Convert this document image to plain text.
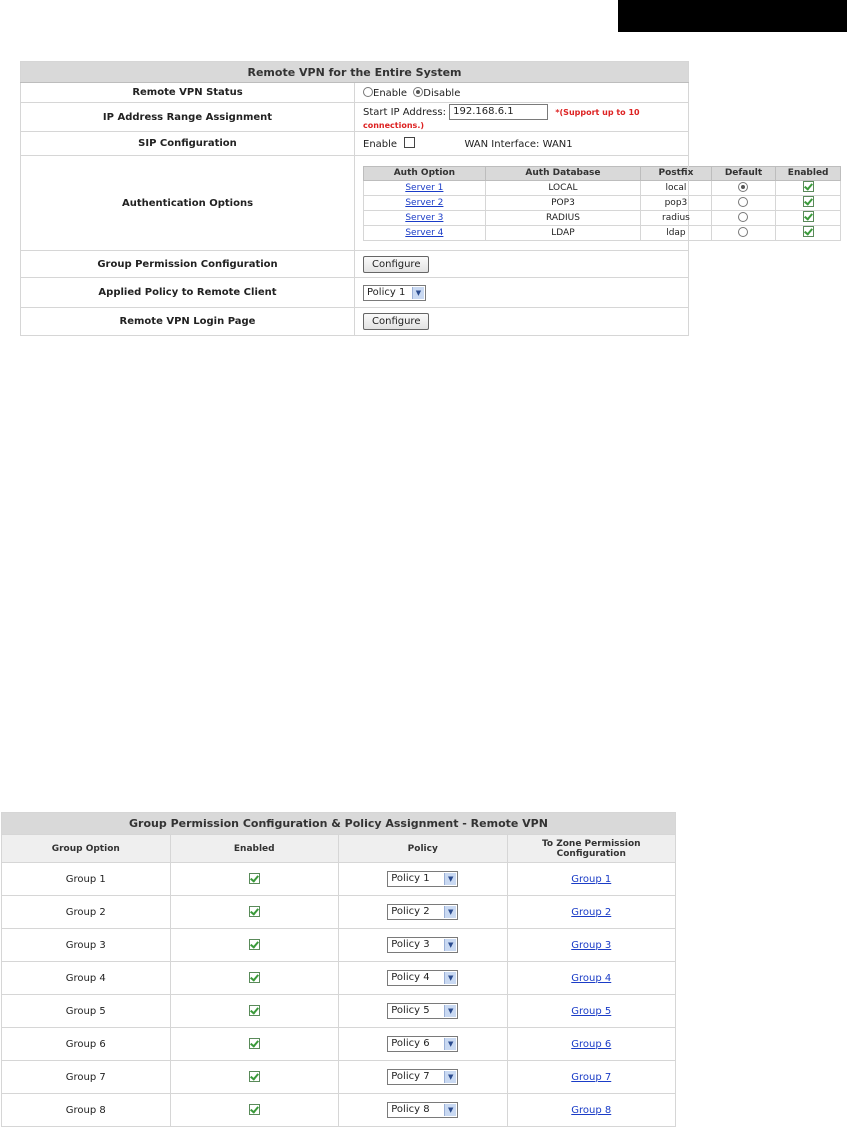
Remote VPN for the Entire System
Remote VPN Status	Enable Disable
IP Address Range Assignment	Start IP Address: 192.168.6.1	*(Support up to 10 connections.)
SIP Configuration	Enable	WAN Interface: WAN1
Authentication Options	
Auth Option	Auth Database	Postfix	Default	Enabled
Server 1	LOCAL	local		
Server 2	POP3	pop3		
Server 3	RADIUS	radius		
Server 4	LDAP	ldap		

Group Permission Configuration	Configure
Applied Policy to Remote Client	Policy 1	▼

Remote VPN Login Page	Configure
Group Permission Configuration & Policy Assignment - Remote VPN			
Group Option	Enabled	Policy	To Zone Permission Configuration
Group 1		Policy 1 ▼	Group 1
Group 2		Policy 2 ▼	Group 2
Group 3		Policy 3 ▼	Group 3
Group 4		Policy 4 ▼	Group 4
Group 5		Policy 5 ▼	Group 5
Group 6		Policy 6 ▼	Group 6
Group 7		Policy 7 ▼	Group 7
Group 8		Policy 8 ▼	Group 8
